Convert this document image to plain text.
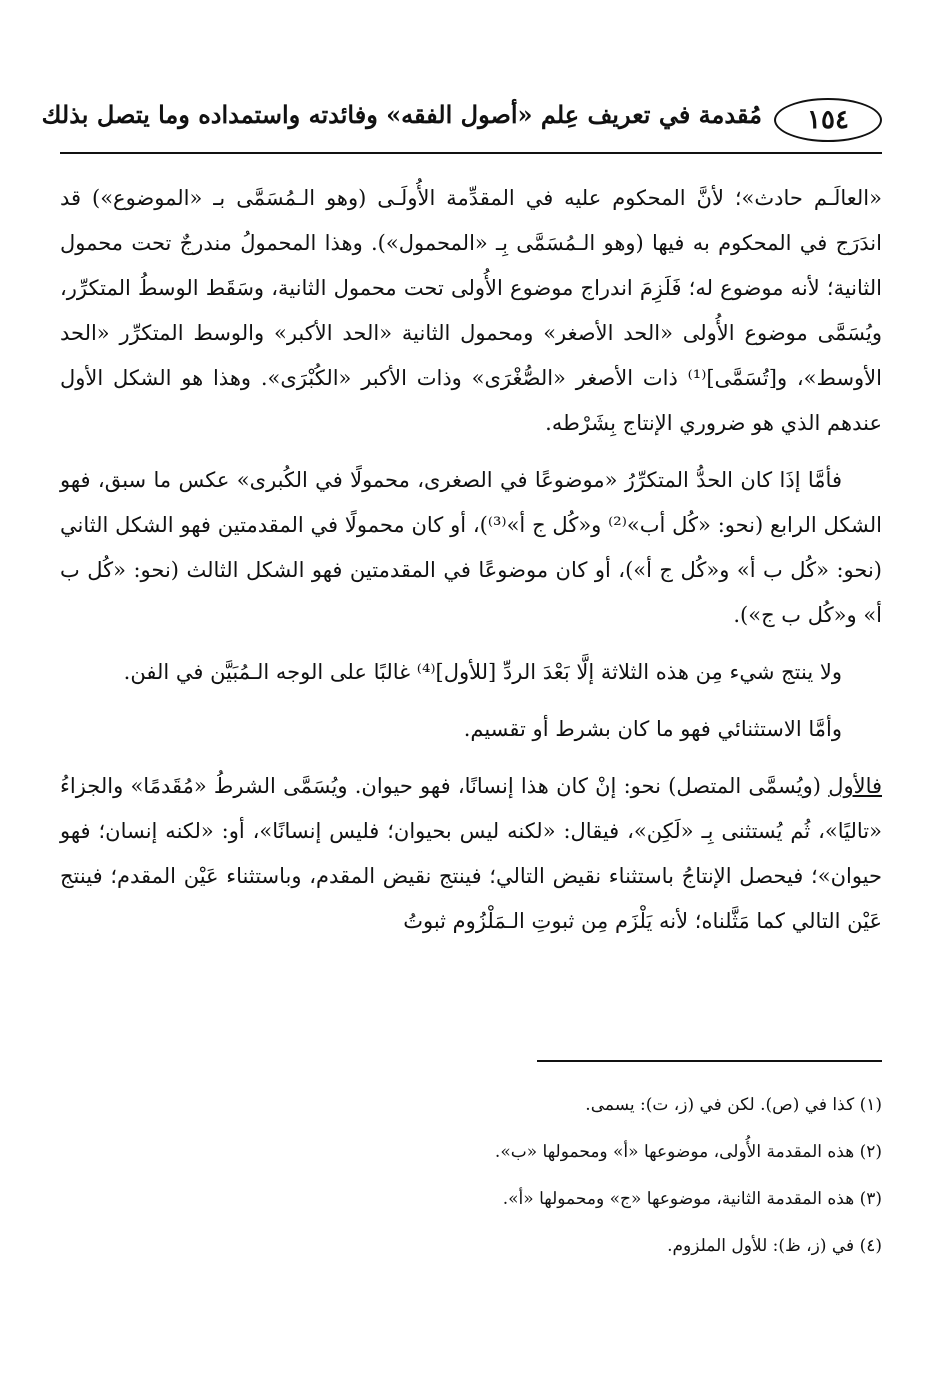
١٥٤
مُقدمة في تعريف عِلم «أصول الفقه» وفائدته واستمداده وما يتصل بذلك

«العالَـم حادث»؛ لأنَّ المحكوم عليه في المقدِّمة الأُولَـى (وهو الـمُسَمَّى بـ «الموضوع») قد اندَرَج في المحكوم به فيها (وهو الـمُسَمَّى بِـ «المحمول»). وهذا المحمولُ مندرجٌ تحت محمول الثانية؛ لأنه موضوع له؛ فَلَزِمَ اندراج موضوع الأُولى تحت محمول الثانية، وسَقَط الوسطُ المتكرِّر، ويُسَمَّى موضوع الأُولى «الحد الأصغر» ومحمول الثانية «الحد الأكبر» والوسط المتكرِّر «الحد الأوسط»، و[تُسَمَّى]⁽¹⁾ ذات الأصغر «الصُّغْرَى» وذات الأكبر «الكُبْرَى». وهذا هو الشكل الأول عندهم الذي هو ضروري الإنتاج بِشَرْطه.

فأمَّا إذَا كان الحدُّ المتكرِّرُ «موضوعًا في الصغرى، محمولًا في الكُبرى» عكس ما سبق، فهو الشكل الرابع (نحو: «كُل أب»⁽²⁾ و«كُل ج أ»⁽³⁾)، أو كان محمولًا في المقدمتين فهو الشكل الثاني (نحو: «كُل ب أ» و«كُل ج أ»)، أو كان موضوعًا في المقدمتين فهو الشكل الثالث (نحو: «كُل ب أ» و«كُل ب ج»).

ولا ينتج شيء مِن هذه الثلاثة إلَّا بَعْدَ الردِّ [للأول]⁽⁴⁾ غالبًا على الوجه الـمُبَيَّن في الفن.

وأمَّا الاستثنائي فهو ما كان بشرط أو تقسيم.

فالأول (ويُسمَّى المتصل) نحو: إنْ كان هذا إنسانًا، فهو حيوان. ويُسَمَّى الشرطُ «مُقَدمًا» والجزاءُ «تاليًا»، ثُم يُستثنى بِـ «لَكِن»، فيقال: «لكنه ليس بحيوان؛ فليس إنسانًا»، أو: «لكنه إنسان؛ فهو حيوان»؛ فيحصل الإنتاجُ باستثناء نقيض التالي؛ فينتج نقيض المقدم، وباستثناء عَيْن المقدم؛ فينتج عَيْن التالي كما مَثَّلناه؛ لأنه يَلْزَم مِن ثبوتِ الـمَلْزُوم ثبوتُ

(١) كذا في (ص). لكن في (ز، ت): يسمى.
(٢) هذه المقدمة الأُولى، موضوعها «أ» ومحمولها «ب».
(٣) هذه المقدمة الثانية، موضوعها «ج» ومحمولها «أ».
(٤) في (ز، ظ): للأول الملزوم.
